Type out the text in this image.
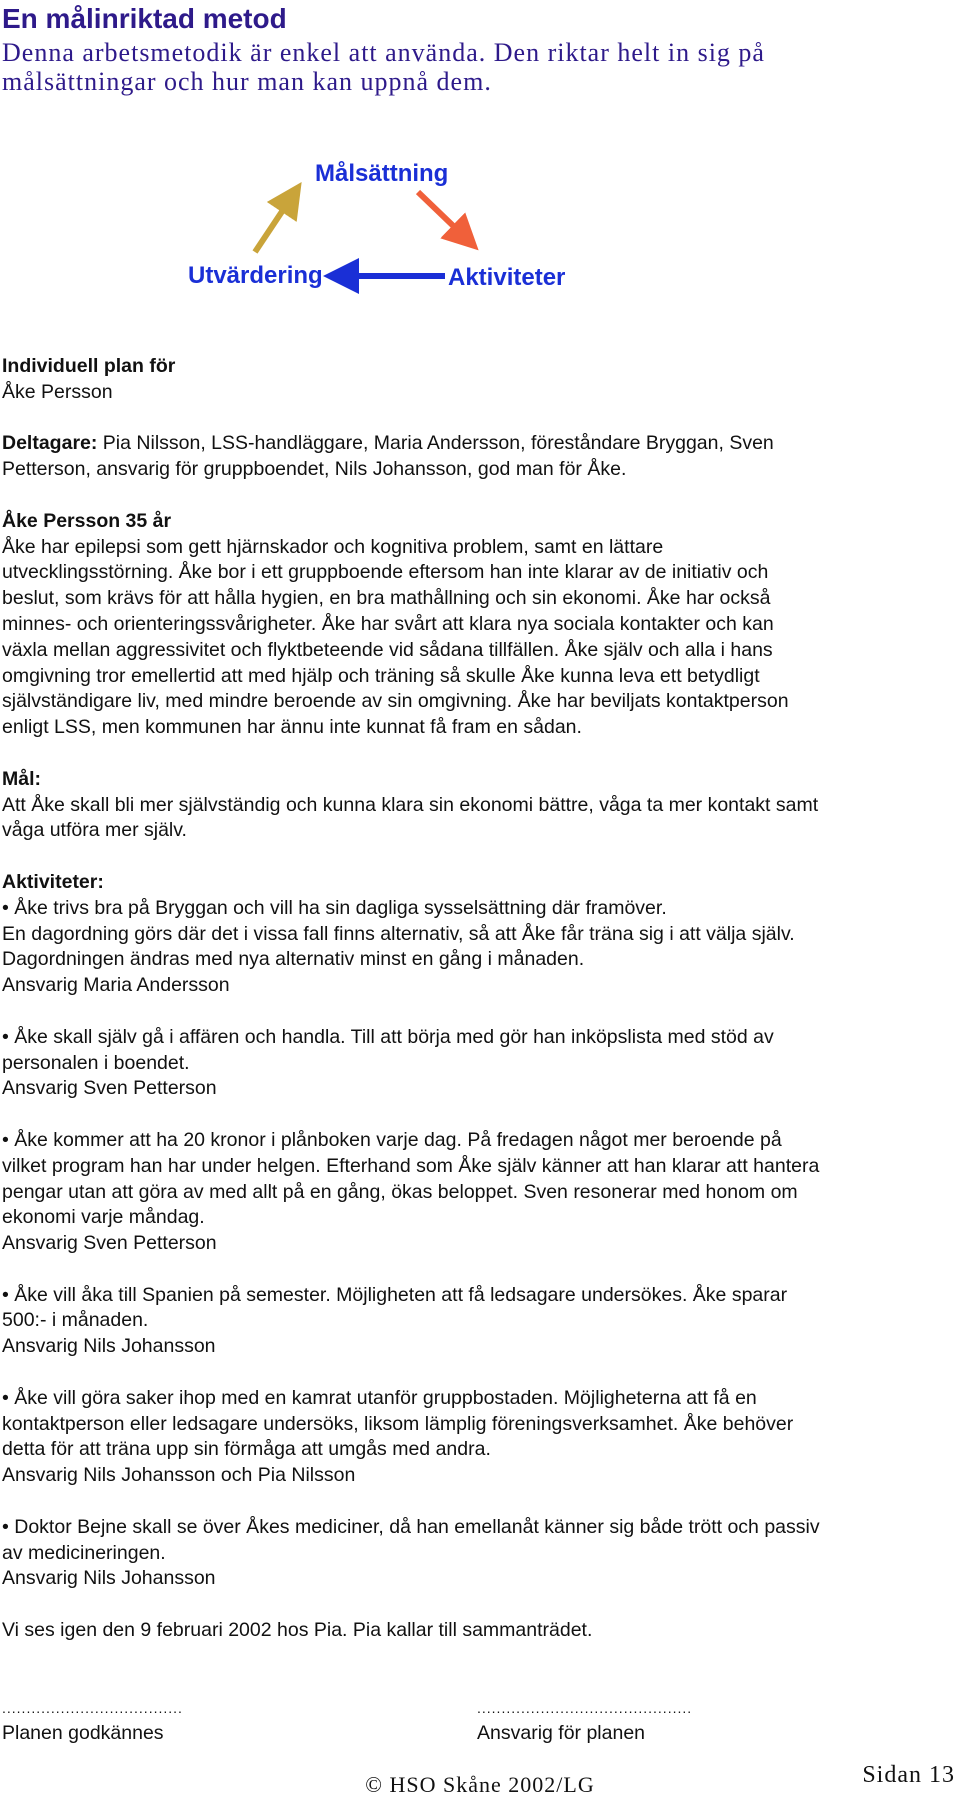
En målinriktad metod
Denna arbetsmetodik är enkel att använda. Den riktar helt in sig på målsättningar och hur man kan uppnå dem.
Målsättning
Utvärdering	Aktiviteter

Individuell plan för

Åke Persson

Deltagare: Pia Nilsson, LSS-handläggare, Maria Andersson, föreståndare Bryggan, Sven Petterson, ansvarig för gruppboendet, Nils Johansson, god man för Åke.

Åke Persson 35 år

Åke har epilepsi som gett hjärnskador och kognitiva problem, samt en lättare utvecklingsstörning. Åke bor i ett gruppboende eftersom han inte klarar av de initiativ och beslut, som krävs för att hålla hygien, en bra mathållning och sin ekonomi. Åke har också minnes- och orienteringssvårigheter. Åke har svårt att klara nya sociala kontakter och kan växla mellan aggressivitet och flyktbeteende vid sådana tillfällen. Åke själv och alla i hans omgivning tror emellertid att med hjälp och träning så skulle Åke kunna leva ett betydligt självständigare liv, med mindre beroende av sin omgivning. Åke har beviljats kontaktperson enligt LSS, men kommunen har ännu inte kunnat få fram en sådan.

Mål:

Att Åke skall bli mer självständig och kunna klara sin ekonomi bättre, våga ta mer kontakt samt våga utföra mer själv.

Aktiviteter:

• Åke trivs bra på Bryggan och vill ha sin dagliga sysselsättning där framöver.

En dagordning görs där det i vissa fall finns alternativ, så att Åke får träna sig i att välja själv. Dagordningen ändras med nya alternativ minst en gång i månaden.

Ansvarig Maria Andersson

• Åke skall själv gå i affären och handla. Till att börja med gör han inköpslista med stöd av personalen i boendet.

Ansvarig Sven Petterson

• Åke kommer att ha 20 kronor i plånboken varje dag. På fredagen något mer beroende på vilket program han har under helgen. Efterhand som Åke själv känner att han klarar att hantera pengar utan att göra av med allt på en gång, ökas beloppet. Sven resonerar med honom om ekonomi varje måndag.

Ansvarig Sven Petterson

• Åke vill åka till Spanien på semester. Möjligheten att få ledsagare undersökes. Åke sparar 500:- i månaden.

Ansvarig Nils Johansson

• Åke vill göra saker ihop med en kamrat utanför gruppbostaden. Möjligheterna att få en kontaktperson eller ledsagare undersöks, liksom lämplig föreningsverksamhet. Åke behöver detta för att träna upp sin förmåga att umgås med andra.

Ansvarig Nils Johansson och Pia Nilsson

• Doktor Bejne skall se över Åkes mediciner, då han emellanåt känner sig både trött och passiv av medicineringen.

Ansvarig Nils Johansson

Vi ses igen den 9 februari 2002 hos Pia. Pia kallar till sammanträdet.

.....................................	............................................
Planen godkännes	Ansvarig för planen
© HSO Skåne 2002/LG	Sidan 13
